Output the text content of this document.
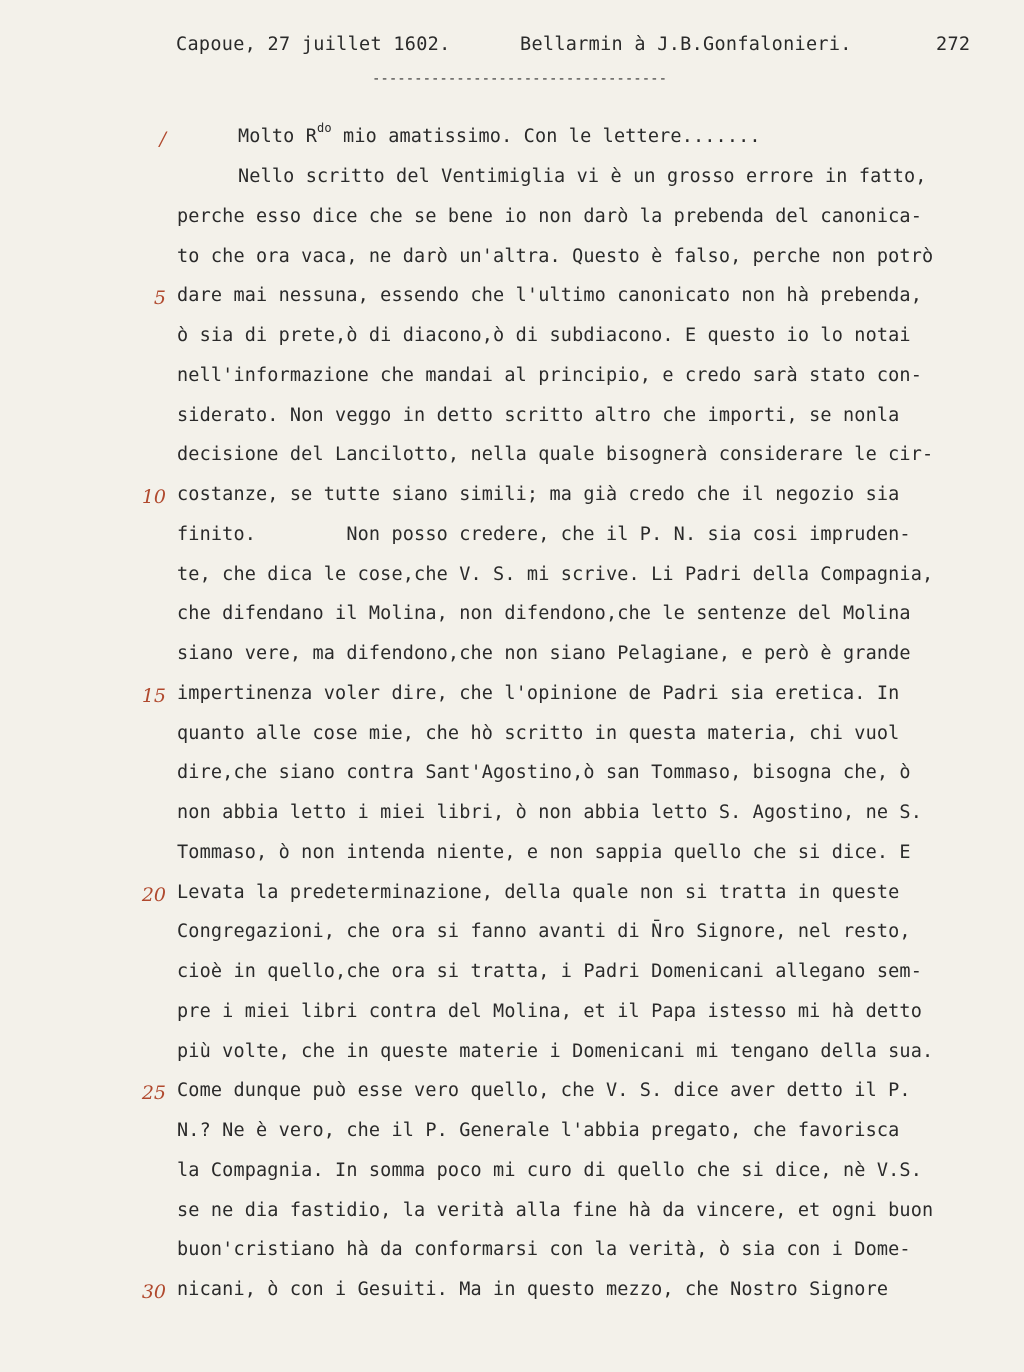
Capoue, 27 juillet 1602.	Bellarmin à J.B.Gonfalonieri.	272
-----------------------------------
/	Molto $R^{do}$ mio amatissimo. Con le lettere.......
Nello scritto del Ventimiglia vi è un grosso errore in fatto,
perche esso dice che se bene io non darò la prebenda del canonica-
to che ora vaca, ne darò un'altra. Questo è falso, perche non potrò
5 dare mai nessuna, essendo che l'ultimo canonicato non hà prebenda,
ò sia di prete,ò di diacono,ò di subdiacono. E questo io lo notai
nell'informazione che mandai al principio, e credo sarà stato con-
siderato. Non veggo in detto scritto altro che importi, se nonla
decisione del Lancilotto, nella quale bisognerà considerare le cir-
10 costanze, se tutte siano simili; ma già credo che il negozio sia
finito.        Non posso credere, che il P. N. sia cosi impruden-
te, che dica le cose,che V. S. mi scrive. Li Padri della Compagnia,
che difendano il Molina, non difendono,che le sentenze del Molina
siano vere, ma difendono,che non siano Pelagiane, e però è grande
15 impertinenza voler dire, che l'opinione de Padri sia eretica. In
quanto alle cose mie, che hò scritto in questa materia, chi vuol
dire,che siano contra Sant'Agostino,ò san Tommaso, bisogna che, ò
non abbia letto i miei libri, ò non abbia letto S. Agostino, ne S.
Tommaso, ò non intenda niente, e non sappia quello che si dice. E
20 Levata la predeterminazione, della quale non si tratta in queste
Congregazioni, che ora si fanno avanti di N̄ro Signore, nel resto,
cioè in quello,che ora si tratta, i Padri Domenicani allegano sem-
pre i miei libri contra del Molina, et il Papa istesso mi hà detto
più volte, che in queste materie i Domenicani mi tengano della sua.
25 Come dunque può esse vero quello, che V. S. dice aver detto il P.
N.? Ne è vero, che il P. Generale l'abbia pregato, che favorisca
la Compagnia. In somma poco mi curo di quello che si dice, nè V.S.
se ne dia fastidio, la verità alla fine hà da vincere, et ogni buon
buon'cristiano hà da conformarsi con la verità, ò sia con i Dome-
30 nicani, ò con i Gesuiti. Ma in questo mezzo, che Nostro Signore
